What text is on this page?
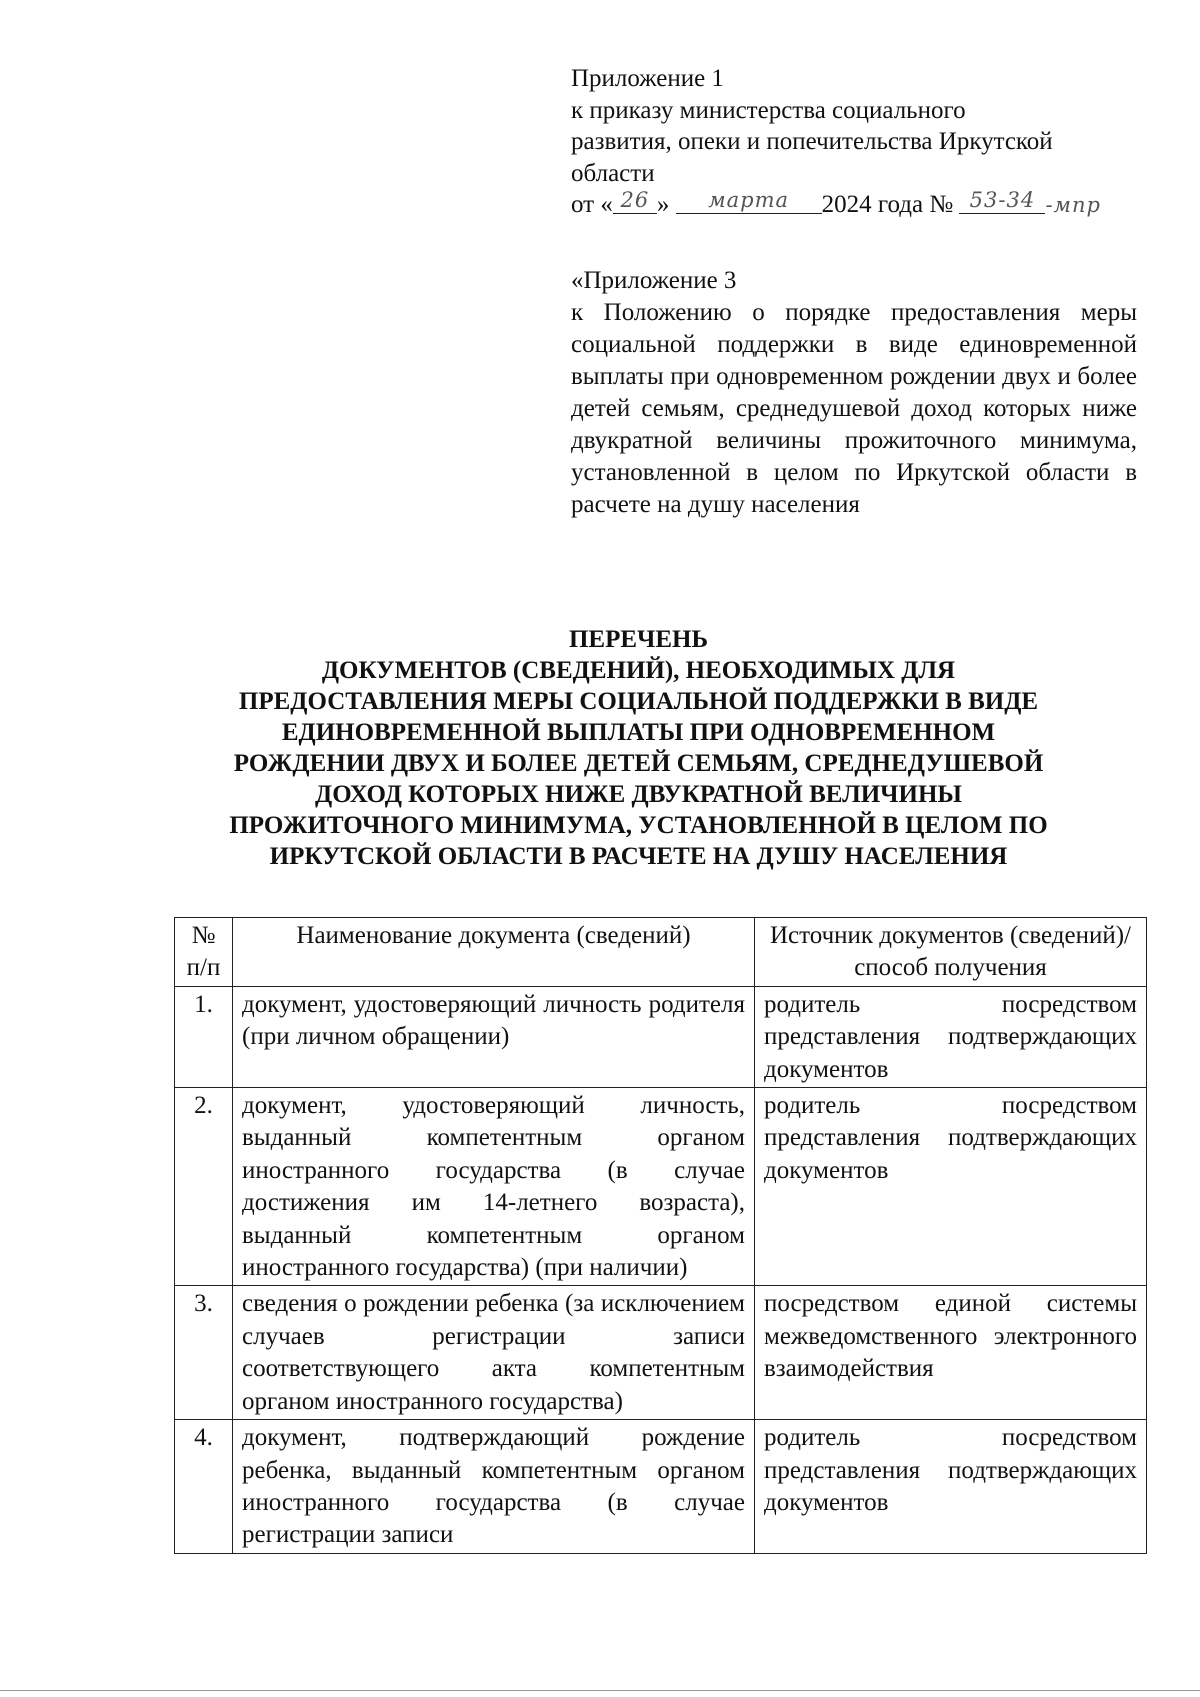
Приложение 1
к приказу министерства социального
развития, опеки и попечительства Иркутской
области
от « 26 »	марта	2024 года № 53-34 -мпр
«Приложение 3
к Положению о порядке предоставления меры социальной поддержки в виде единовременной выплаты при одновременном рождении двух и более детей семьям, среднедушевой доход которых ниже двукратной величины прожиточного минимума, установленной в целом по Иркутской области в расчете на душу населения
ПЕРЕЧЕНЬ
ДОКУМЕНТОВ (СВЕДЕНИЙ), НЕОБХОДИМЫХ ДЛЯ
ПРЕДОСТАВЛЕНИЯ МЕРЫ СОЦИАЛЬНОЙ ПОДДЕРЖКИ В ВИДЕ
ЕДИНОВРЕМЕННОЙ ВЫПЛАТЫ ПРИ ОДНОВРЕМЕННОМ
РОЖДЕНИИ ДВУХ И БОЛЕЕ ДЕТЕЙ СЕМЬЯМ, СРЕДНЕДУШЕВОЙ
ДОХОД КОТОРЫХ НИЖЕ ДВУКРАТНОЙ ВЕЛИЧИНЫ
ПРОЖИТОЧНОГО МИНИМУМА, УСТАНОВЛЕННОЙ В ЦЕЛОМ ПО
ИРКУТСКОЙ ОБЛАСТИ В РАСЧЕТЕ НА ДУШУ НАСЕЛЕНИЯ
№ п/п	Наименование документа (сведений)	Источник документов (сведений)/способ получения
1.	документ, удостоверяющий личность родителя (при личном обращении)	родитель посредством представления подтверждающих документов
2.	документ, удостоверяющий личность, выданный компетентным органом иностранного государства (в случае достижения им 14-летнего возраста), выданный компетентным органом иностранного государства) (при наличии)	родитель посредством представления подтверждающих документов
3.	сведения о рождении ребенка (за исключением случаев регистрации записи соответствующего акта компетентным органом иностранного государства)	посредством единой системы межведомственного электронного взаимодействия
4.	документ, подтверждающий рождение ребенка, выданный компетентным органом иностранного государства (в случае регистрации записи	родитель посредством представления подтверждающих документов
